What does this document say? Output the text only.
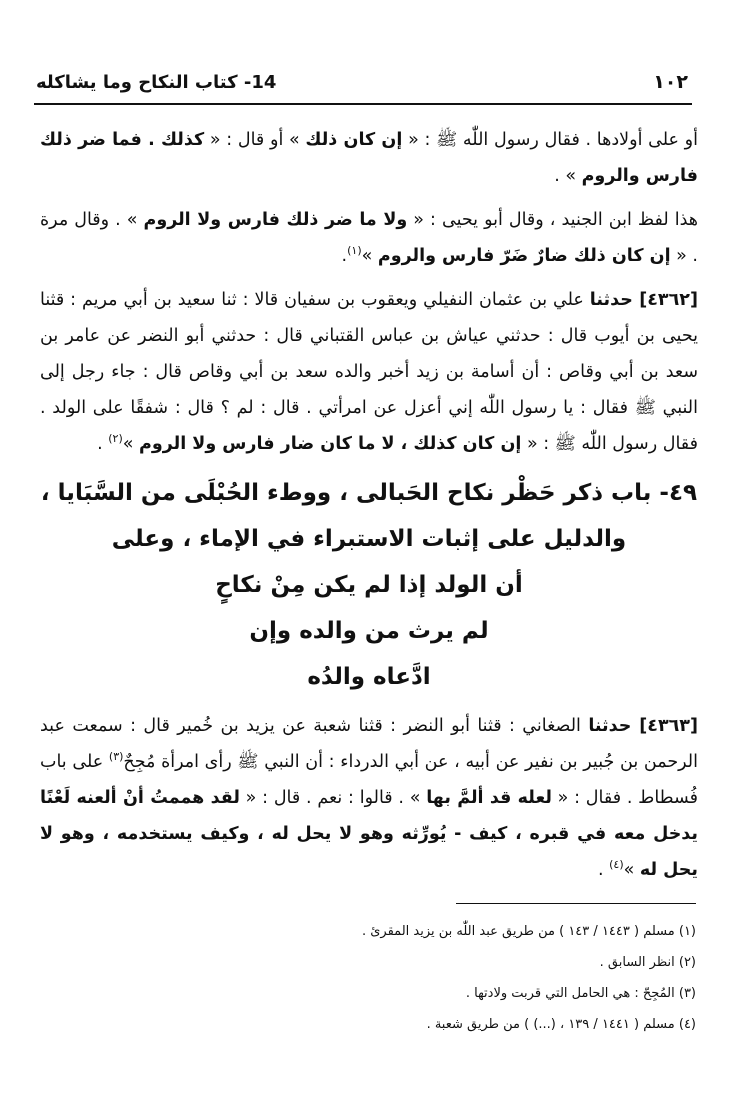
١٠٢
14- كتاب النكاح وما يشاكله

أو على أولادها . فقال رسول اللّٰه ﷺ : « إن كان ذلك » أو قال : « كذلك . فما ضر ذلك فارس والروم » .

هذا لفظ ابن الجنيد ، وقال أبو يحيى : « ولا ما ضر ذلك فارس ولا الروم » . وقال مرة . « إن كان ذلك ضارٌ ضَرّ فارس والروم »$^{(١)}$.

[٤٣٦٢] حدثنا علي بن عثمان النفيلي ويعقوب بن سفيان قالا : ثنا سعيد بن أبي مريم : قثنا يحيى بن أيوب قال : حدثني عياش بن عباس القتباني قال : حدثني أبو النضر عن عامر بن سعد بن أبي وقاص : أن أسامة بن زيد أخبر والده سعد بن أبي وقاص قال : جاء رجل إلى النبي ﷺ فقال : يا رسول اللّٰه إني أعزل عن امرأتي . قال : لم ؟ قال : شفقًا على الولد . فقال رسول اللّٰه ﷺ : « إن كان كذلك ، لا ما كان ضار فارس ولا الروم »$^{(٢)}$ .

٤٩- باب ذكر حَظْر نكاح الحَبالى ، ووطء الحُبْلَى من السَّبَايا ،
والدليل على إثبات الاستبراء في الإماء ، وعلى
أن الولد إذا لم يكن مِنْ نكاحٍ
لم يرث من والده وإن
ادَّعاه والدُه

[٤٣٦٣] حدثنا الصغاني : قثنا أبو النضر : قثنا شعبة عن يزيد بن خُمير قال : سمعت عبد الرحمن بن جُبير بن نفير عن أبيه ، عن أبي الدرداء : أن النبي ﷺ رأى امرأة مُجِحٌ$^{(٣)}$ على باب فُسطاط . فقال : « لعله قد ألمَّ بها » . قالوا : نعم . قال : « لقد هممتُ أنْ ألعنه لَعْنًا يدخل معه في قبره ، كيف - يُورِّثه وهو لا يحل له ، وكيف يستخدمه ، وهو لا يحل له »$^{(٤)}$ .

(١) مسلم ( ١٤٤٣ / ١٤٣ ) من طريق عبد اللّٰه بن يزيد المقرئ .
(٢) انظر السابق .
(٣) المُجِحّ : هي الحامل التي قربت ولادتها .
(٤) مسلم ( ١٤٤١ / ١٣٩ ، (...) ) من طريق شعبة .
